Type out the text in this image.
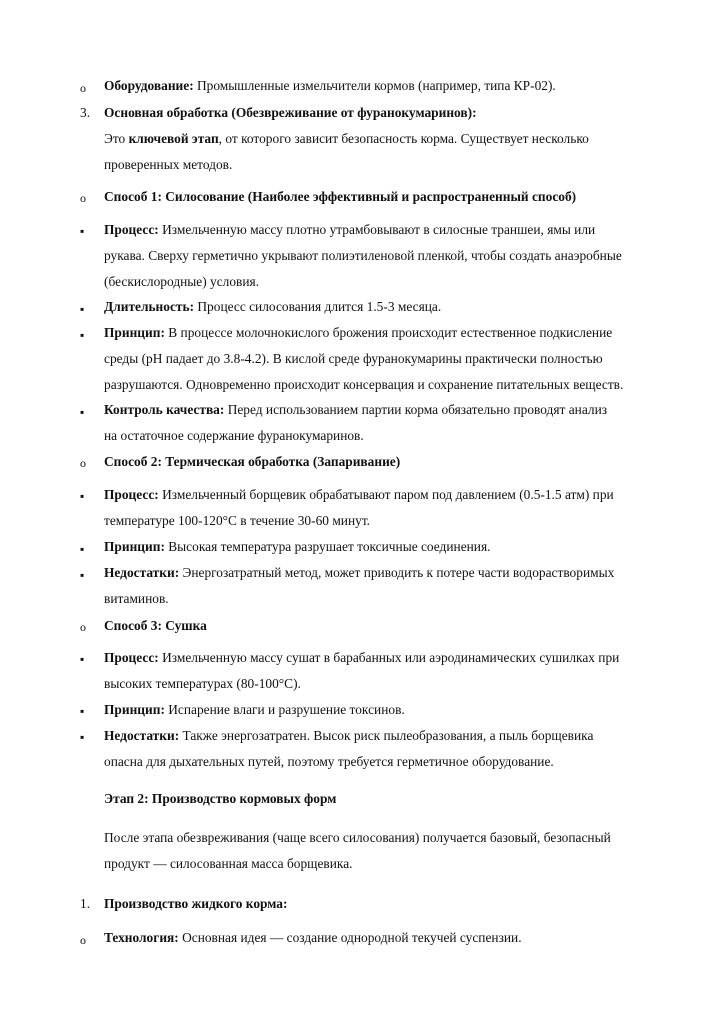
o Оборудование: Промышленные измельчители кормов (например, типа КР-02).
3. Основная обработка (Обезвреживание от фуранокумаринов):
Это ключевой этап, от которого зависит безопасность корма. Существует несколько
проверенных методов.
o Способ 1: Силосование (Наиболее эффективный и распространенный способ)
▪ Процесс: Измельченную массу плотно утрамбовывают в силосные траншеи, ямы или
рукава. Сверху герметично укрывают полиэтиленовой пленкой, чтобы создать анаэробные
(бескислородные) условия.
▪ Длительность: Процесс силосования длится 1.5-3 месяца.
▪ Принцип: В процессе молочнокислого брожения происходит естественное подкисление
среды (pH падает до 3.8-4.2). В кислой среде фуранокумарины практически полностью
разрушаются. Одновременно происходит консервация и сохранение питательных веществ.
▪ Контроль качества: Перед использованием партии корма обязательно проводят анализ
на остаточное содержание фуранокумаринов.
o Способ 2: Термическая обработка (Запаривание)
▪ Процесс: Измельченный борщевик обрабатывают паром под давлением (0.5-1.5 атм) при
температуре 100-120°C в течение 30-60 минут.
▪ Принцип: Высокая температура разрушает токсичные соединения.
▪ Недостатки: Энергозатратный метод, может приводить к потере части водорастворимых
витаминов.
o Способ 3: Сушка
▪ Процесс: Измельченную массу сушат в барабанных или аэродинамических сушилках при
высоких температурах (80-100°C).
▪ Принцип: Испарение влаги и разрушение токсинов.
▪ Недостатки: Также энергозатратен. Высок риск пылеобразования, а пыль борщевика
опасна для дыхательных путей, поэтому требуется герметичное оборудование.
Этап 2: Производство кормовых форм
После этапа обезвреживания (чаще всего силосования) получается базовый, безопасный
продукт — силосованная масса борщевика.
1. Производство жидкого корма:
o Технология: Основная идея — создание однородной текучей суспензии.
